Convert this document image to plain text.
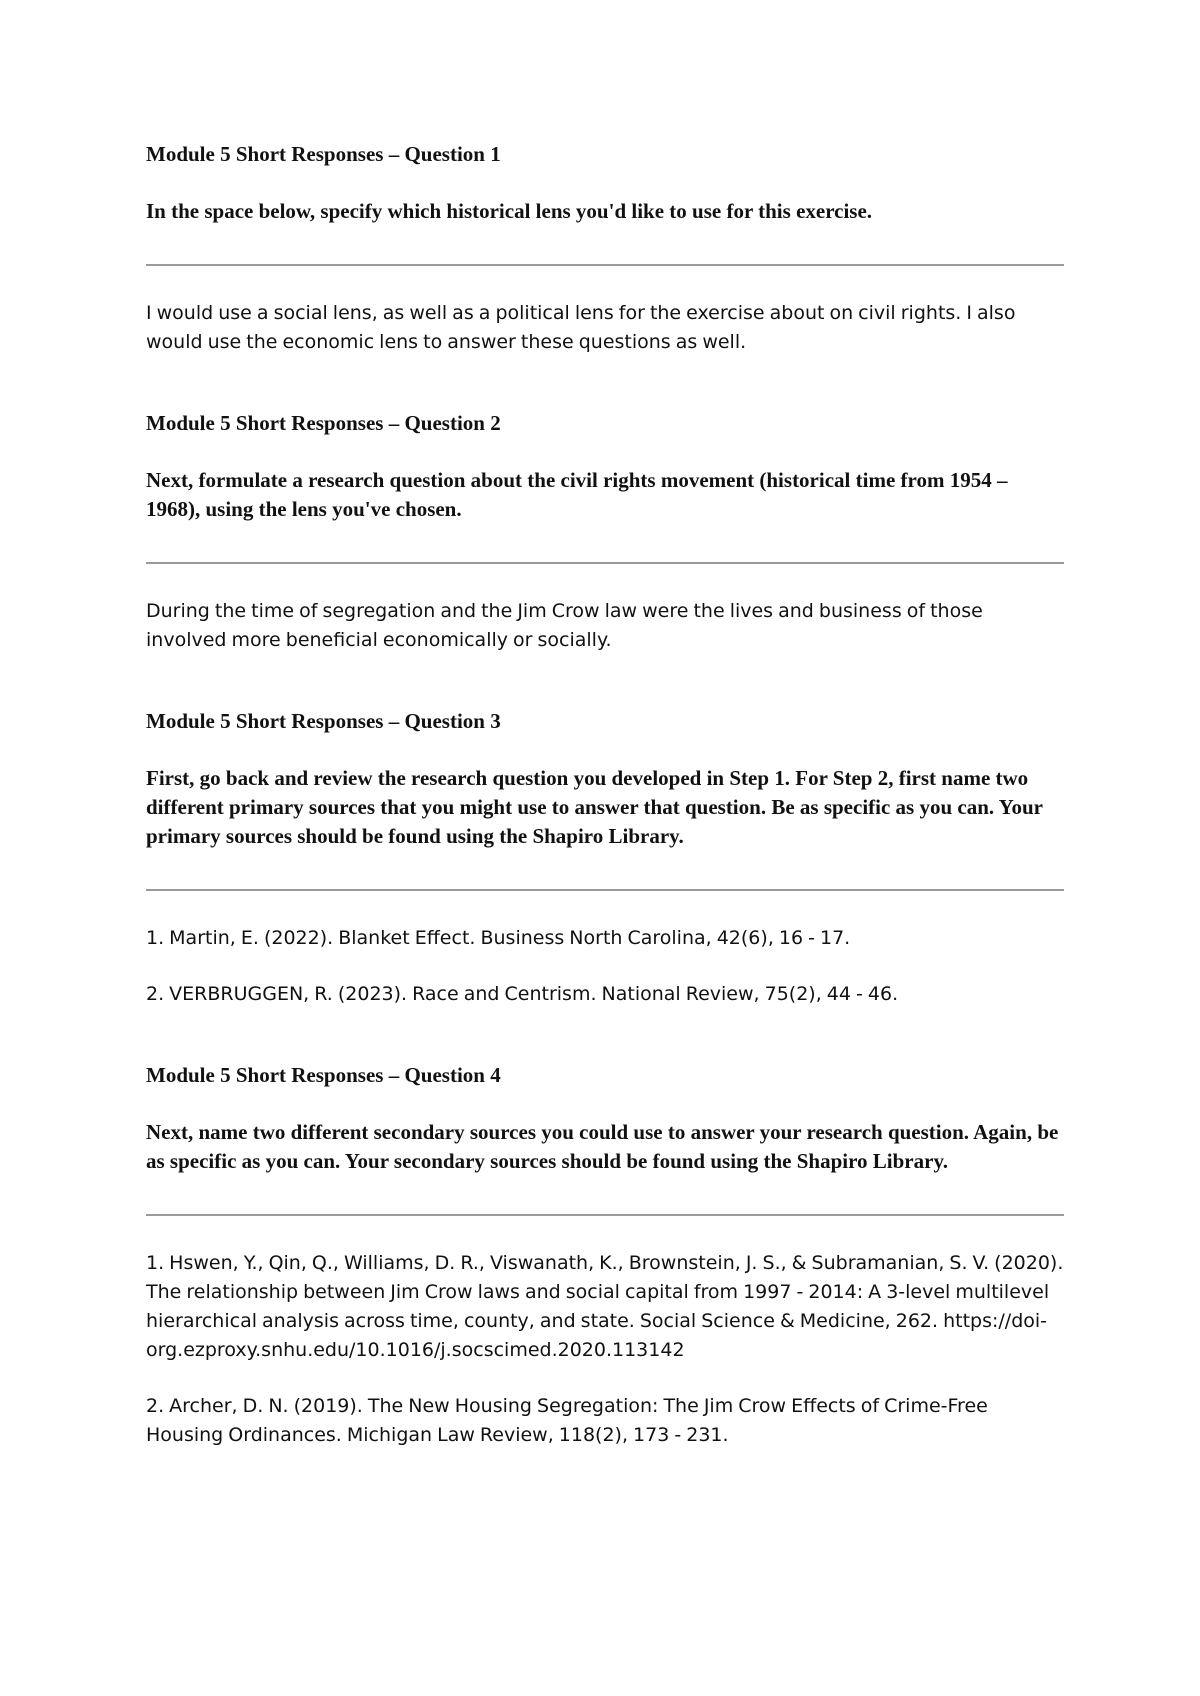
Module 5 Short Responses – Question 1

In the space below, specify which historical lens you'd like to use for this exercise.

I would use a social lens, as well as a political lens for the exercise about on civil rights. I also would use the economic lens to answer these questions as well.

Module 5 Short Responses – Question 2

Next, formulate a research question about the civil rights movement (historical time from 1954 – 1968), using the lens you've chosen.

During the time of segregation and the Jim Crow law were the lives and business of those involved more beneficial economically or socially.

Module 5 Short Responses – Question 3

First, go back and review the research question you developed in Step 1. For Step 2, first name two different primary sources that you might use to answer that question. Be as specific as you can. Your primary sources should be found using the Shapiro Library.

1. Martin, E. (2022). Blanket Effect. Business North Carolina, 42(6), 16 - 17.

2. VERBRUGGEN, R. (2023). Race and Centrism. National Review, 75(2), 44 - 46.

Module 5 Short Responses – Question 4

Next, name two different secondary sources you could use to answer your research question. Again, be as specific as you can. Your secondary sources should be found using the Shapiro Library.

1. Hswen, Y., Qin, Q., Williams, D. R., Viswanath, K., Brownstein, J. S., & Subramanian, S. V. (2020). The relationship between Jim Crow laws and social capital from 1997 - 2014: A 3-level multilevel hierarchical analysis across time, county, and state. Social Science & Medicine, 262. https://doi-org.ezproxy.snhu.edu/10.1016/j.socscimed.2020.113142

2. Archer, D. N. (2019). The New Housing Segregation: The Jim Crow Effects of Crime-Free Housing Ordinances. Michigan Law Review, 118(2), 173 - 231.
